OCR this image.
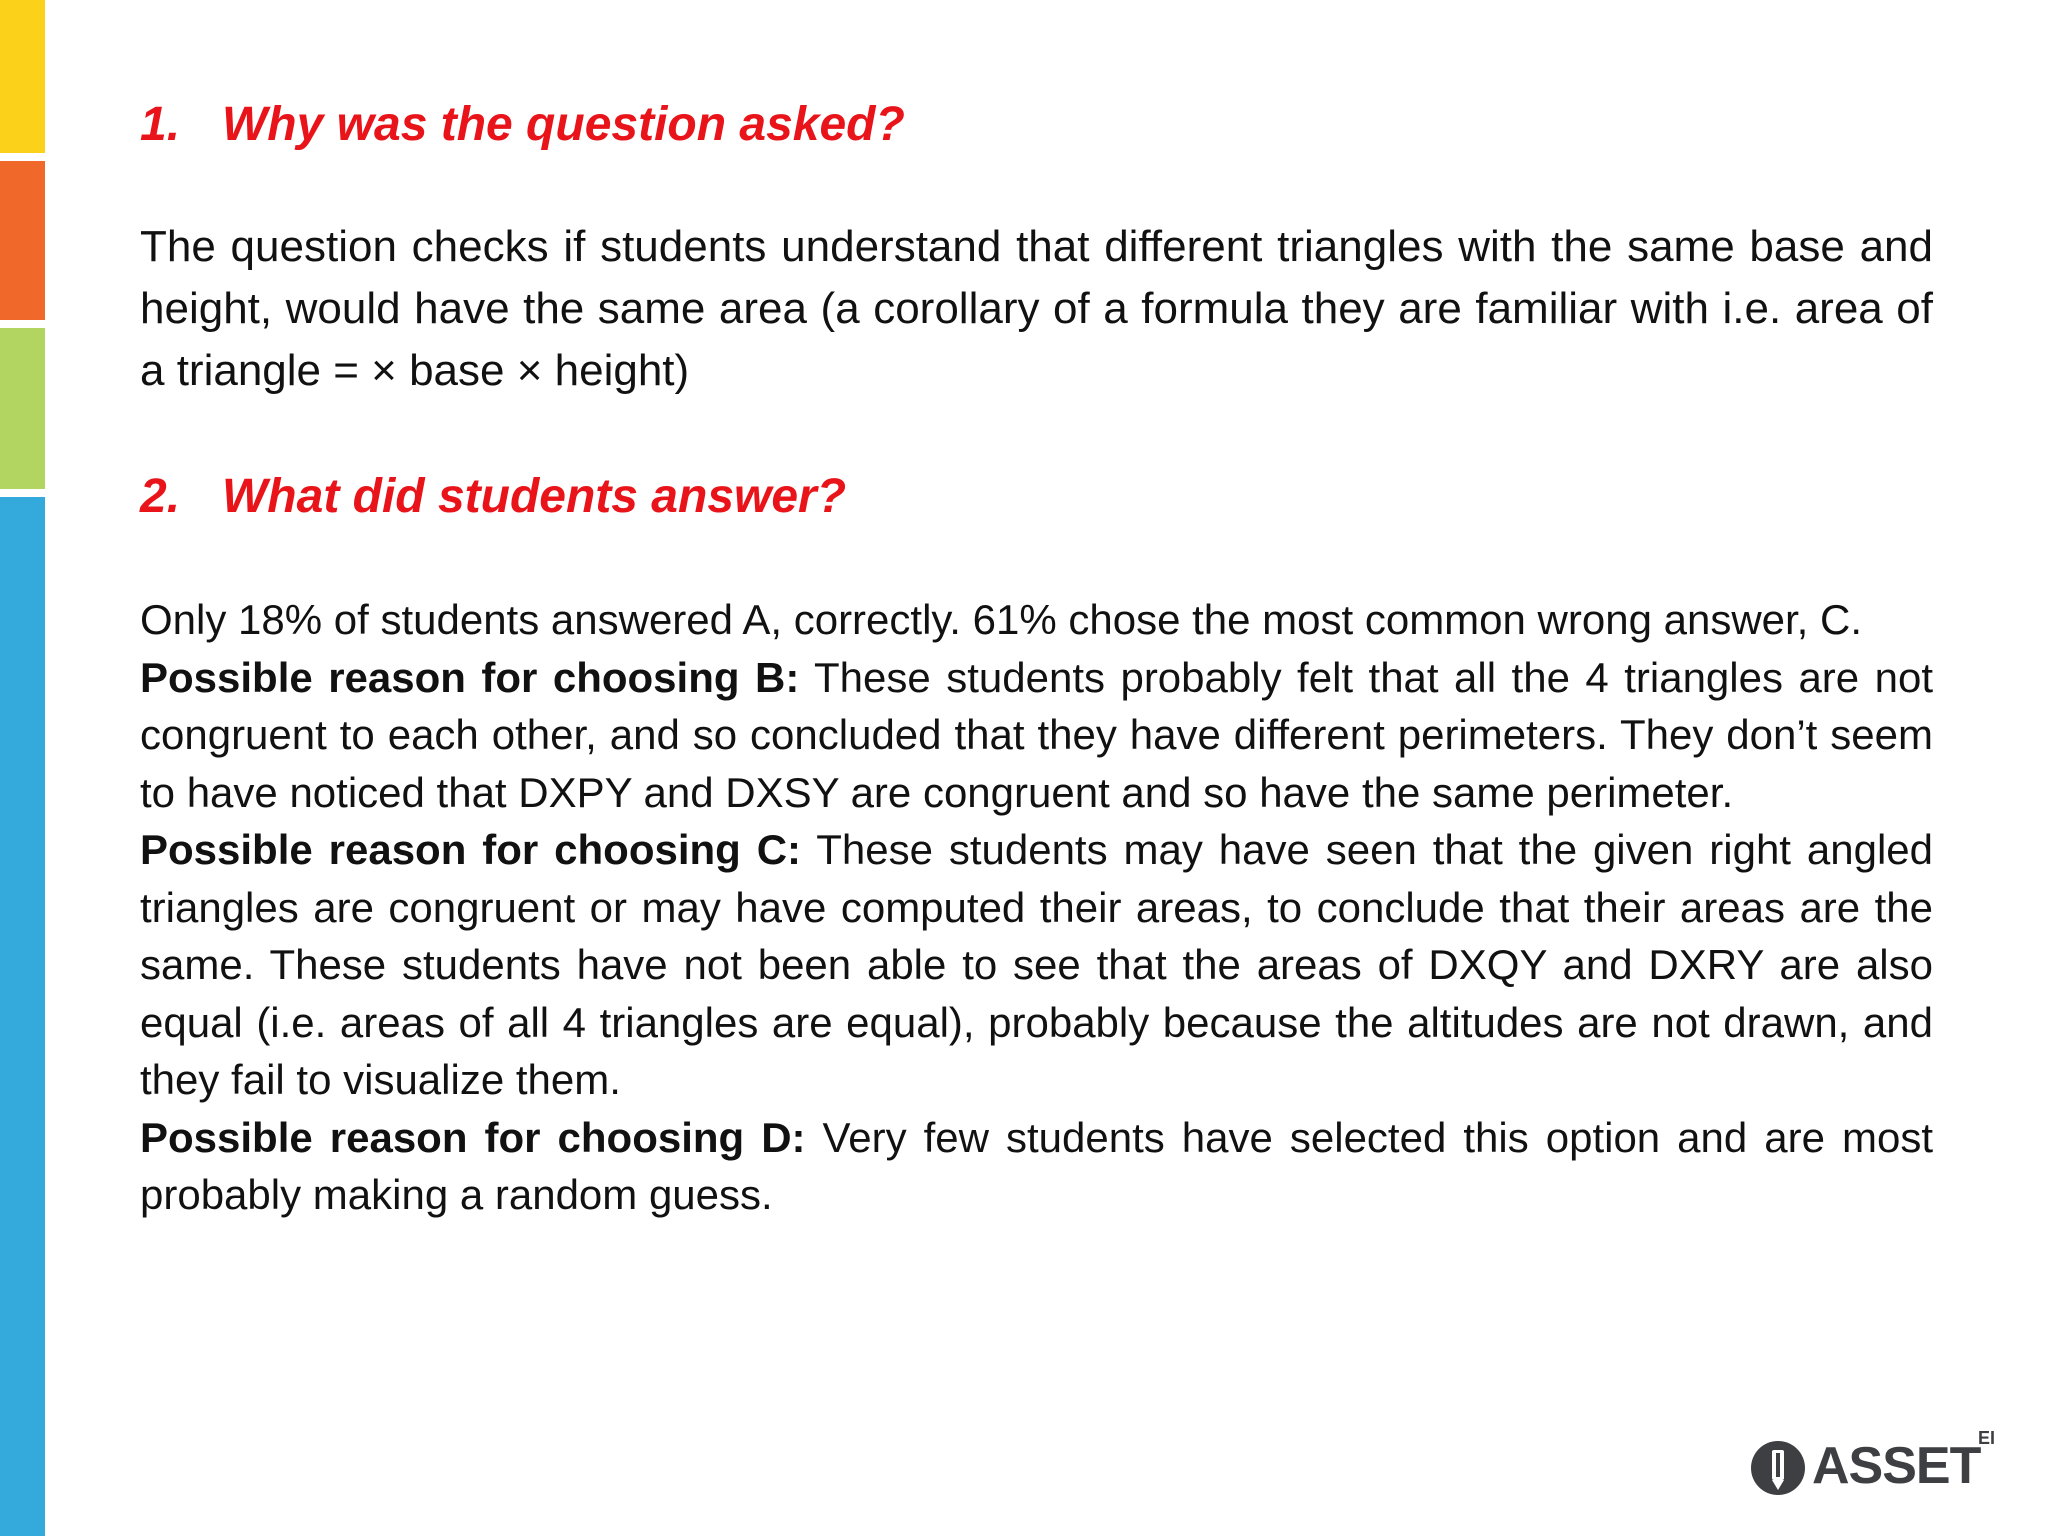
1. Why was the question asked?

The question checks if students understand that different triangles with the same base and height, would have the same area (a corollary of a formula they are familiar with i.e. area of a triangle = × base × height)

2. What did students answer?

Only 18% of students answered A, correctly. 61% chose the most common wrong answer, C.
Possible reason for choosing B: These students probably felt that all the 4 triangles are not congruent to each other, and so concluded that they have different perimeters. They don’t seem to have noticed that DXPY and DXSY are congruent and so have the same perimeter.
Possible reason for choosing C: These students may have seen that the given right angled triangles are congruent or may have computed their areas, to conclude that their areas are the same. These students have not been able to see that the areas of DXQY and DXRY are also equal (i.e. areas of all 4 triangles are equal), probably because the altitudes are not drawn, and they fail to visualize them.
Possible reason for choosing D: Very few students have selected this option and are most probably making a random guess.

ASSET
EI
